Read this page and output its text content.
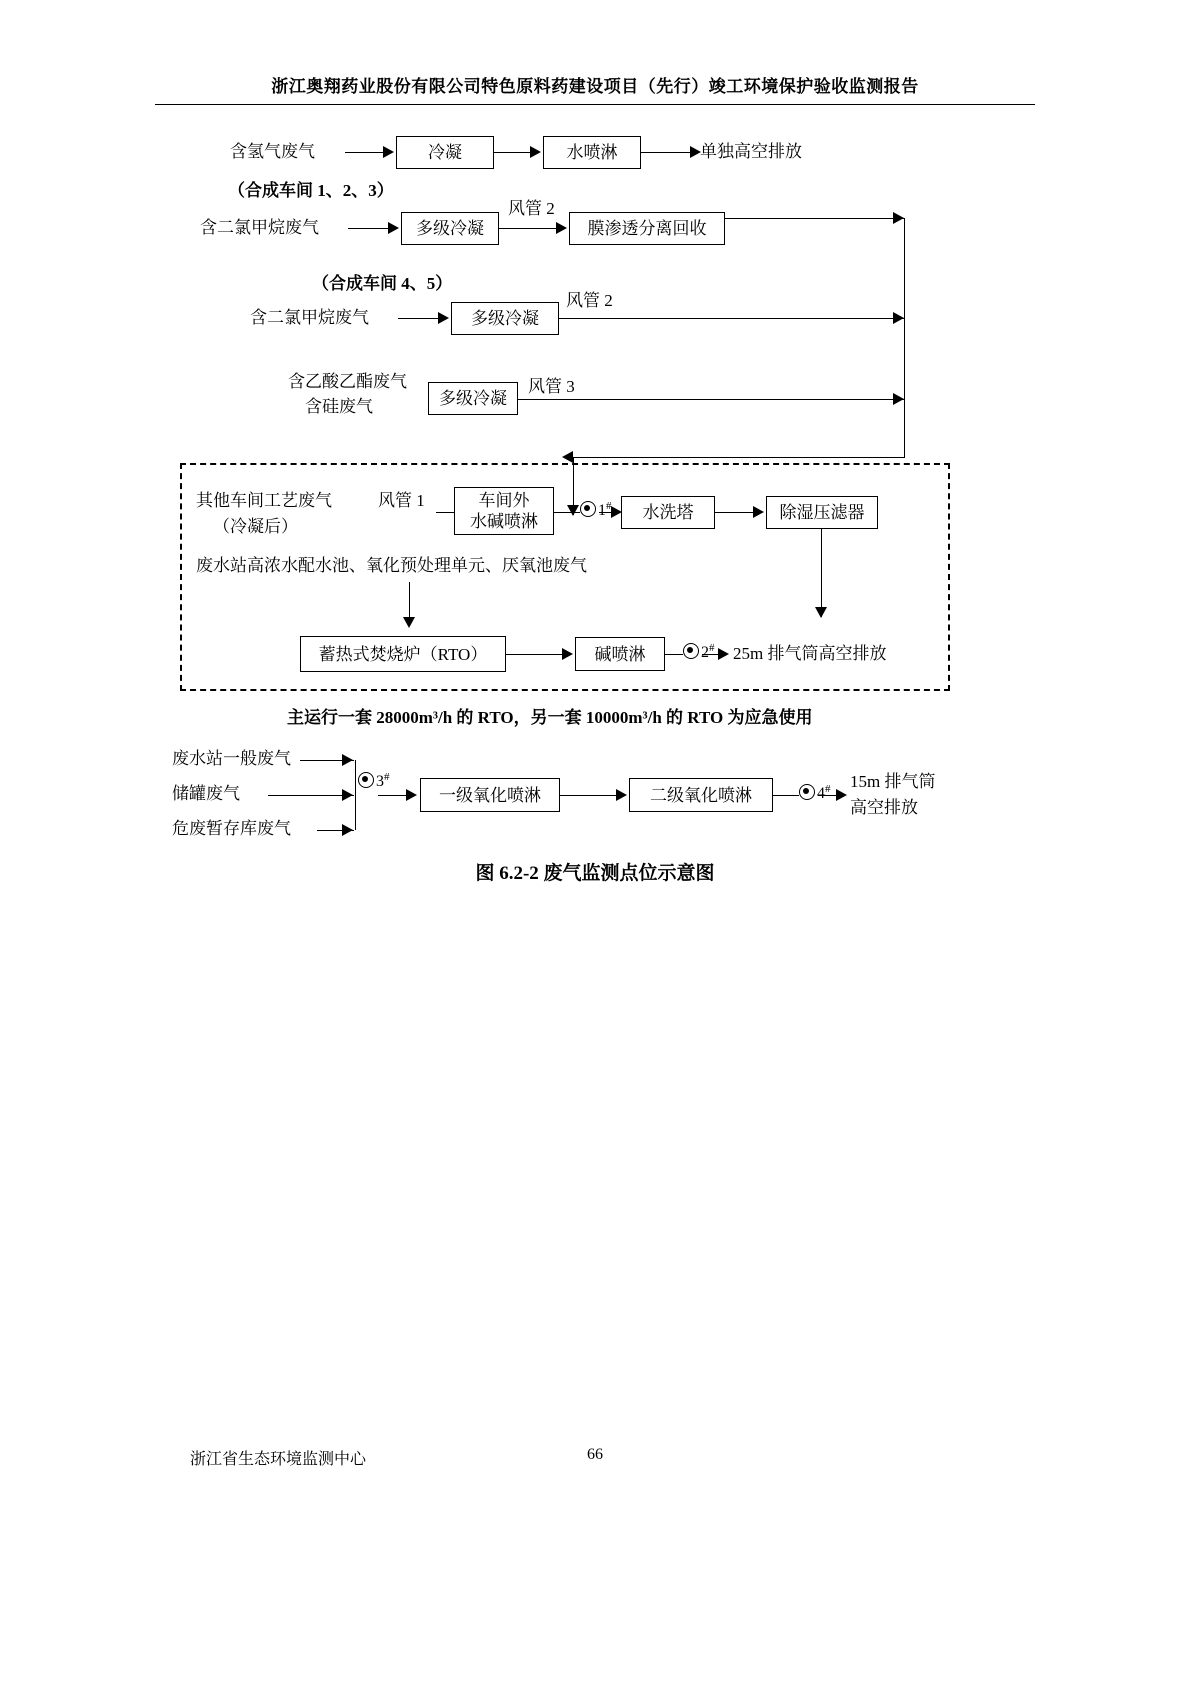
浙江奥翔药业股份有限公司特色原料药建设项目（先行）竣工环境保护验收监测报告
含氢气废气	冷凝	水喷淋	单独高空排放
（合成车间 1、2、3）
含二氯甲烷废气	多级冷凝
风管 2
膜渗透分离回收
（合成车间 4、5）
含二氯甲烷废气	多级冷凝
风管 2
含乙酸乙酯废气
含硅废气	多级冷凝
风管 3
其他车间工艺废气
（冷凝后）
风管 1	车间外
水碱喷淋
1#	水洗塔	除湿压滤器
废水站高浓水配水池、氧化预处理单元、厌氧池废气
蓄热式焚烧炉（RTO）	碱喷淋	2# 25m 排气筒高空排放
主运行一套 28000m³/h 的 RTO，另一套 10000m³/h 的 RTO 为应急使用
废水站一般废气
储罐废气
危废暂存库废气
3#
一级氧化喷淋	二级氧化喷淋	4# 15m 排气筒
高空排放
图 6.2-2 废气监测点位示意图
浙江省生态环境监测中心	66
